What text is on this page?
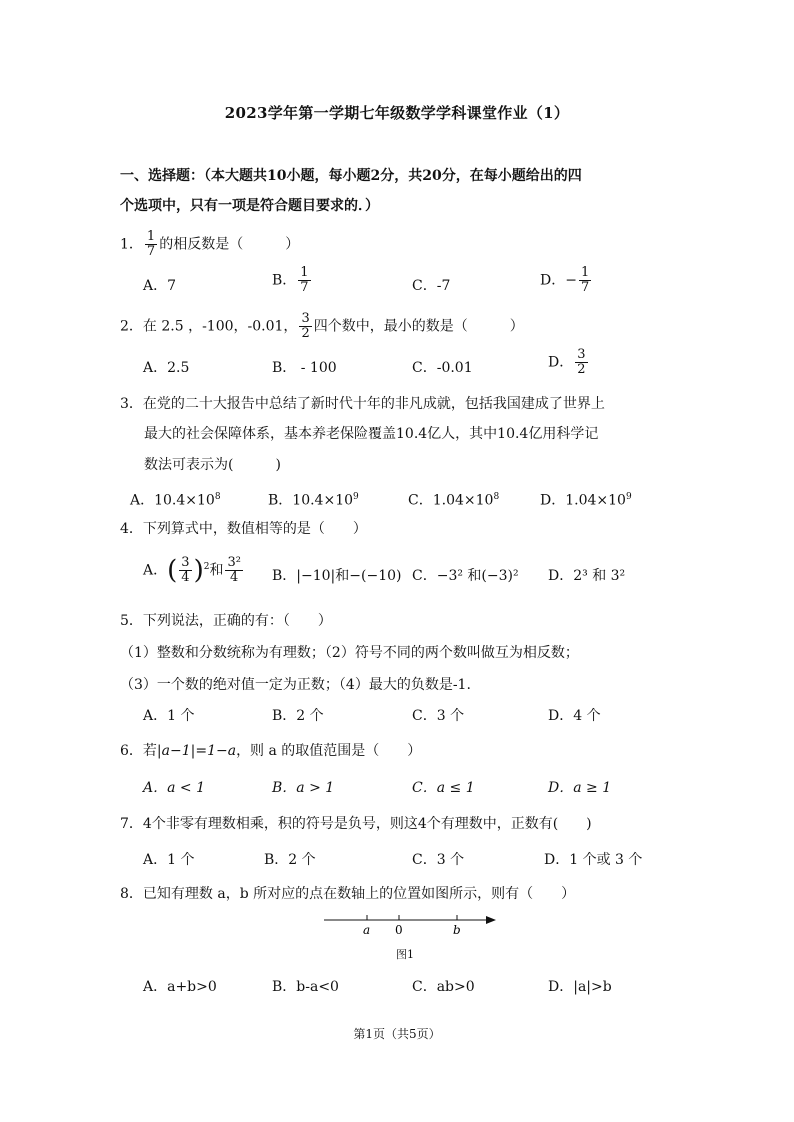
2023学年第一学期七年级数学学科课堂作业（1）
一、选择题：（本大题共10小题，每小题2分，共20分，在每小题给出的四
个选项中，只有一项是符合题目要求的．）
1． $\frac{1}{7}$ 的相反数是（　　　）
A．7	B． $\frac{1}{7}$	C．-7	D．− $\frac{1}{7}$
2．在 2.5 ，-100，-0.01， $\frac{3}{2}$ 四个数中，最小的数是（　　　）
A．2.5	B． - 100	C．-0.01	D． $\frac{3}{2}$
3．在党的二十大报告中总结了新时代十年的非凡成就，包括我国建成了世界上
最大的社会保障体系，基本养老保险覆盖10.4亿人，其中10.4亿用科学记
数法可表示为(　　　)
A．$10.4\times 10^8$	B．$10.4\times 10^9$	C．$1.04\times 10^8$	D．$1.04\times 10^9$
4．下列算式中，数值相等的是（　　）
A．( $\frac{3}{4} )^2$和 $\frac{\text{3²}}{4}$ B．|−10|和−(−10) C．−3² 和(−3)² D．2³ 和 3²
5．下列说法，正确的有：（　　）
（1）整数和分数统称为有理数；（2）符号不同的两个数叫做互为相反数；
（3）一个数的绝对值一定为正数；（4）最大的负数是-1.
A．1 个	B．2 个	C．3 个	D．4 个
6．若|a−1|=1−a，则 a 的取值范围是（　　）
A．a < 1	B．a > 1	C．a ≤ 1	D．a ≥ 1
7．4个非零有理数相乘，积的符号是负号，则这4个有理数中，正数有(　　)
A．1 个	B．2 个	C．3 个	D．1 个或 3 个
8．已知有理数 a，b 所对应的点在数轴上的位置如图所示，则有（　　）
a 0	b
图1
A．a+b>0	B．b-a<0	C．ab>0	D．|a|>b
第1页（共5页）
